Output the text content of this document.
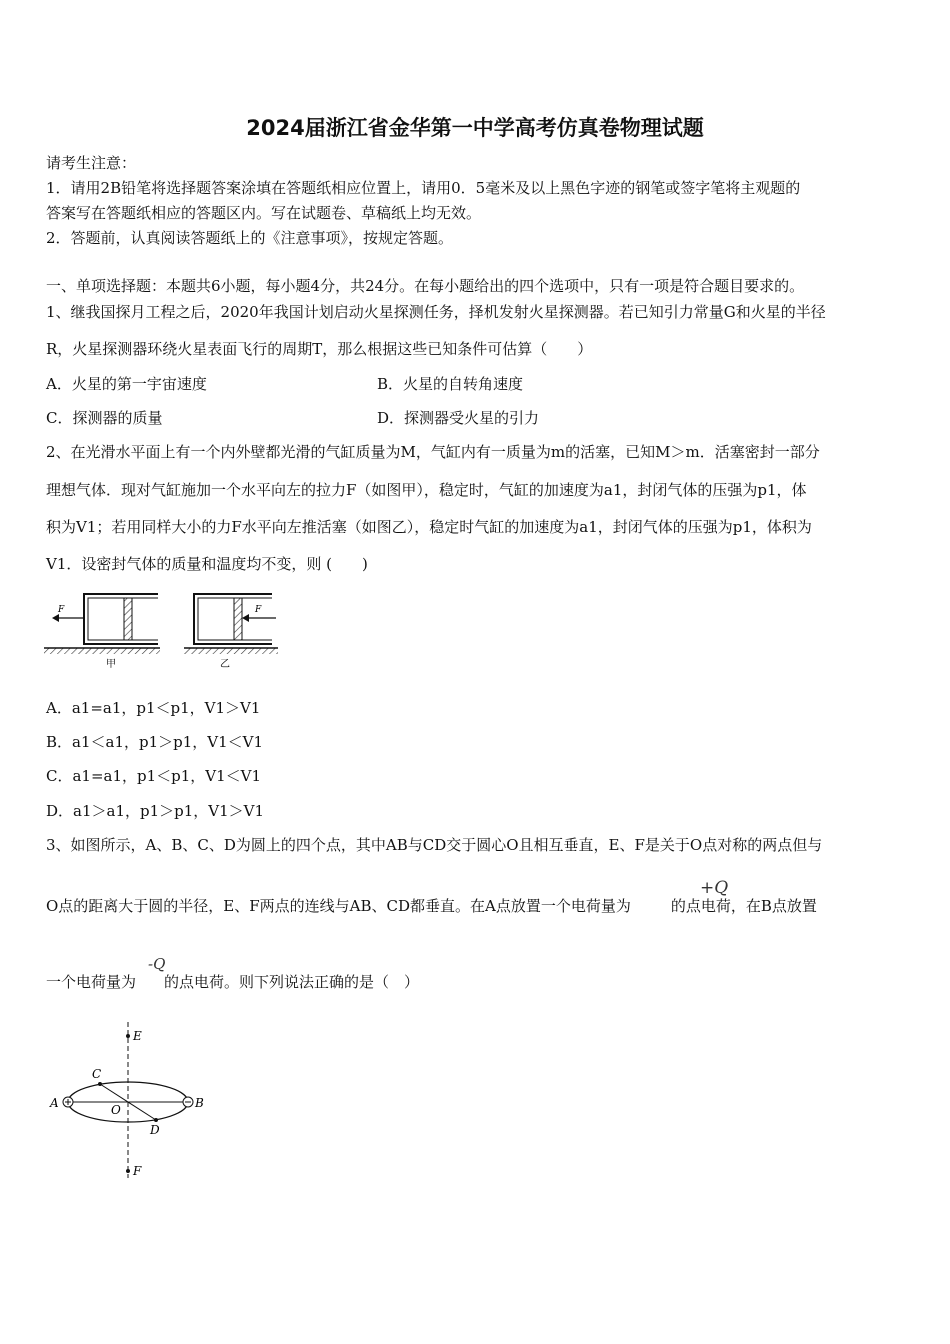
2024届浙江省金华第一中学高考仿真卷物理试题
请考生注意：
1．请用2B铅笔将选择题答案涂填在答题纸相应位置上，请用0．5毫米及以上黑色字迹的钢笔或签字笔将主观题的
答案写在答题纸相应的答题区内。写在试题卷、草稿纸上均无效。
2．答题前，认真阅读答题纸上的《注意事项》，按规定答题。
一、单项选择题：本题共6小题，每小题4分，共24分。在每小题给出的四个选项中，只有一项是符合题目要求的。
1、继我国探月工程之后，2020年我国计划启动火星探测任务，择机发射火星探测器。若已知引力常量G和火星的半径
R，火星探测器环绕火星表面飞行的周期T，那么根据这些已知条件可估算（　　）
A．火星的第一宇宙速度	B．火星的自转角速度
C．探测器的质量	D．探测器受火星的引力
2、在光滑水平面上有一个内外壁都光滑的气缸质量为M，气缸内有一质量为m的活塞，已知M＞m．活塞密封一部分
理想气体．现对气缸施加一个水平向左的拉力F（如图甲），稳定时，气缸的加速度为a1，封闭气体的压强为p1，体
积为V1；若用同样大小的力F水平向左推活塞（如图乙），稳定时气缸的加速度为a1，封闭气体的压强为p1，体积为
V1．设密封气体的质量和温度均不变，则 (　　)
F
甲
F
乙
A．a1=a1，p1＜p1，V1＞V1
B．a1＜a1，p1＞p1，V1＜V1
C．a1=a1，p1＜p1，V1＜V1
D．a1＞a1，p1＞p1，V1＞V1
3、如图所示，A、B、C、D为圆上的四个点，其中AB与CD交于圆心O且相互垂直，E、F是关于O点对称的两点但与
O点的距离大于圆的半径，E、F两点的连线与AB、CD都垂直。在A点放置一个电荷量为	的点电荷，在B点放置
+Q
一个电荷量为 的点电荷。则下列说法正确的是（　）
-Q
E
F
A	B
C
D
O
